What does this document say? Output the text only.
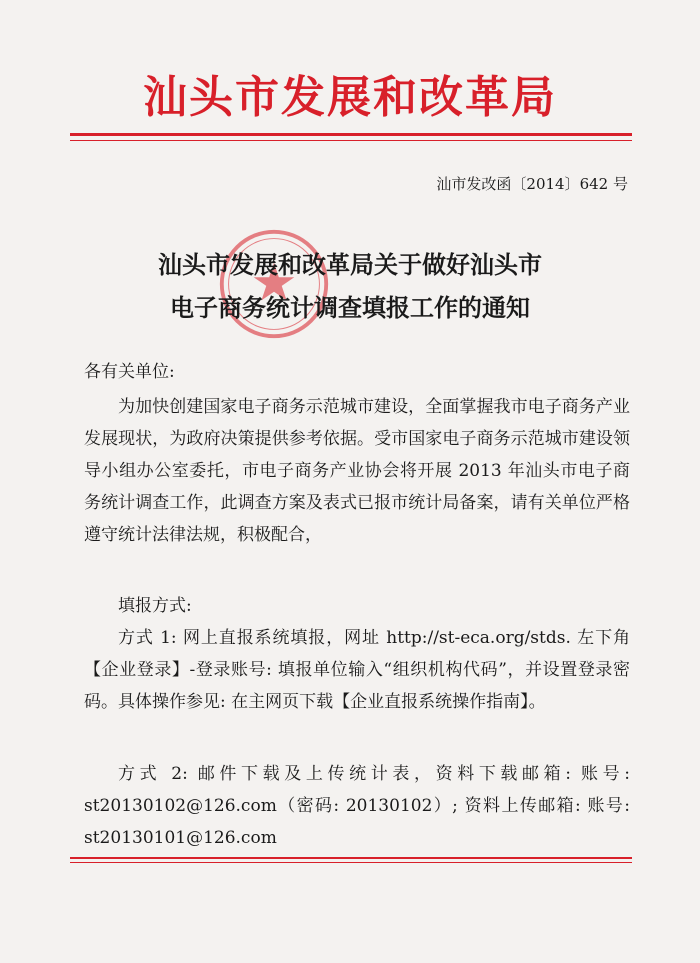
汕头市发展和改革局
汕市发改函〔2014〕642 号
汕头市发展和改革局关于做好汕头市
电子商务统计调查填报工作的通知
各有关单位:
为加快创建国家电子商务示范城市建设，全面掌握我市电子商务产业发展现状，为政府决策提供参考依据。受市国家电子商务示范城市建设领导小组办公室委托，市电子商务产业协会将开展 2013 年汕头市电子商务统计调查工作，此调查方案及表式已报市统计局备案，请有关单位严格遵守统计法律法规，积极配合，
填报方式:
方式 1: 网上直报系统填报，网址 http://st-eca.org/stds. 左下角【企业登录】-登录账号: 填报单位输入“组织机构代码”，并设置登录密码。具体操作参见: 在主网页下载【企业直报系统操作指南】。
方式 2: 邮件下载及上传统计表，资料下载邮箱: 账号: st20130102@126.com（密码: 20130102）; 资料上传邮箱: 账号: st20130101@126.com
